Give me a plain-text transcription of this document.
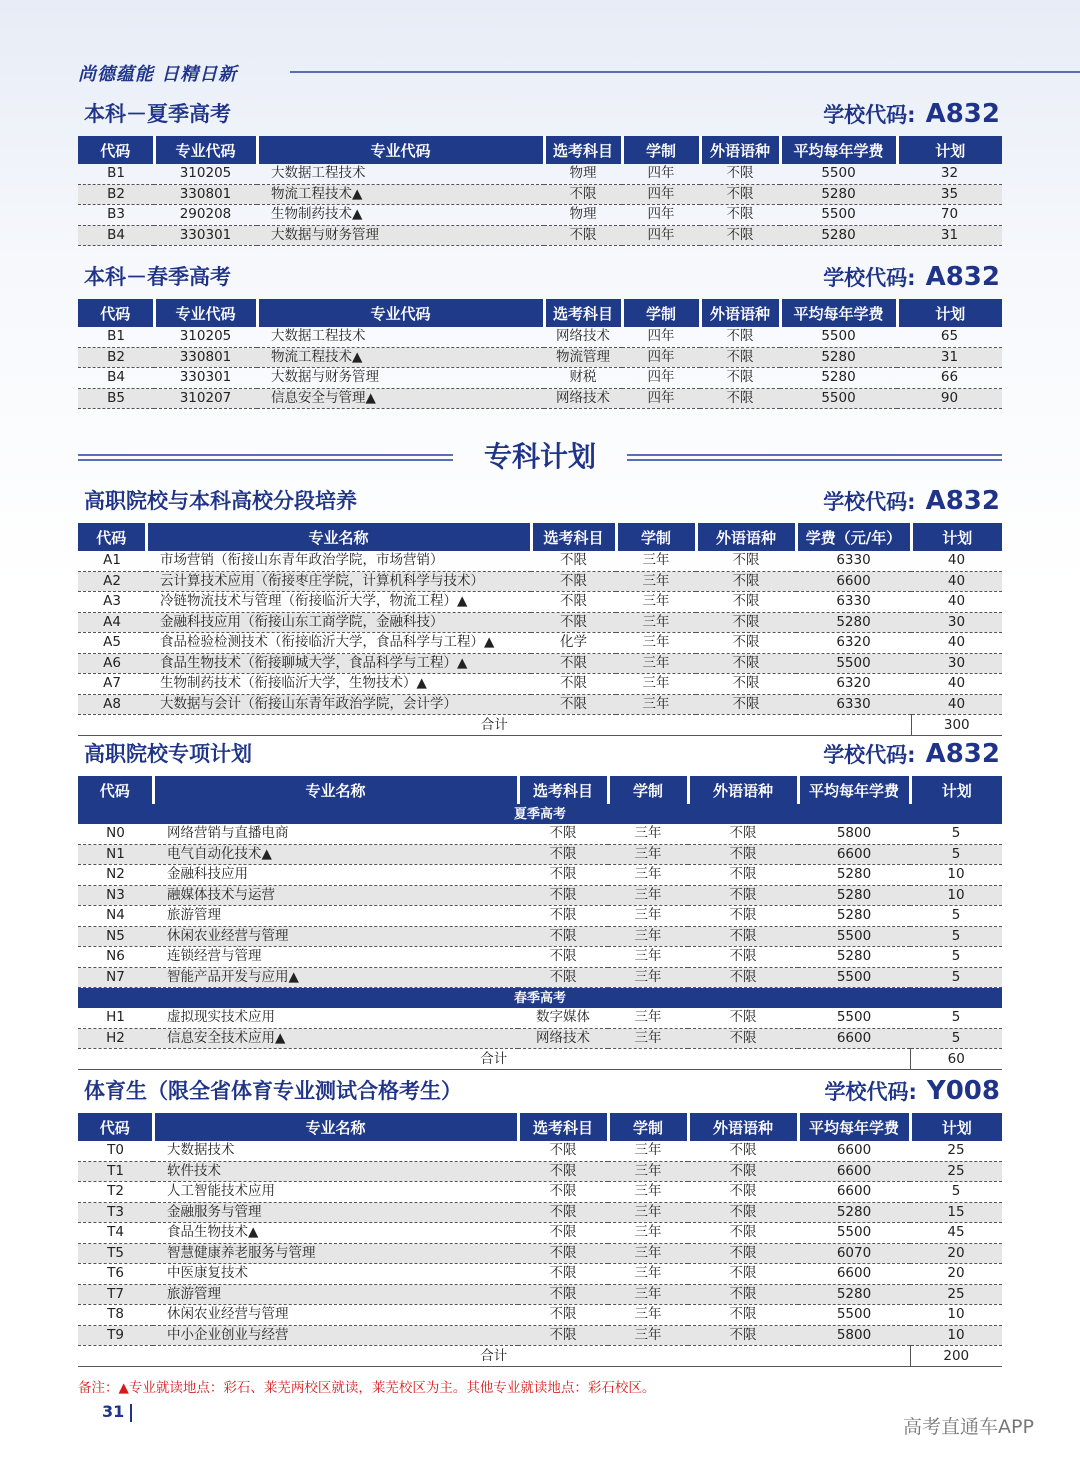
尚德蕴能 日精日新
本科－夏季高考	学校代码: A832
代码	专业代码	专业代码	选考科目	学制	外语语种	平均每年学费	计划
B1	310205	大数据工程技术	物理	四年	不限	5500	32
B2	330801	物流工程技术▲	不限	四年	不限	5280	35
B3	290208	生物制药技术▲	物理	四年	不限	5500	70
B4	330301	大数据与财务管理	不限	四年	不限	5280	31
本科－春季高考	学校代码: A832
代码	专业代码	专业代码	选考科目	学制	外语语种	平均每年学费	计划
B1	310205	大数据工程技术	网络技术	四年	不限	5500	65
B2	330801	物流工程技术▲	物流管理	四年	不限	5280	31
B4	330301	大数据与财务管理	财税	四年	不限	5280	66
B5	310207	信息安全与管理▲	网络技术	四年	不限	5500	90
专科计划
高职院校与本科高校分段培养	学校代码: A832
代码	专业名称	选考科目	学制	外语语种	学费（元/年）	计划
A1	市场营销（衔接山东青年政治学院，市场营销）	不限	三年	不限	6330	40
A2	云计算技术应用（衔接枣庄学院，计算机科学与技术）	不限	三年	不限	6600	40
A3	冷链物流技术与管理（衔接临沂大学，物流工程）▲	不限	三年	不限	6330	40
A4	金融科技应用（衔接山东工商学院，金融科技）	不限	三年	不限	5280	30
A5	食品检验检测技术（衔接临沂大学，食品科学与工程）▲	化学	三年	不限	6320	40
A6	食品生物技术（衔接聊城大学，食品科学与工程）▲	不限	三年	不限	5500	30
A7	生物制药技术（衔接临沂大学，生物技术）▲	不限	三年	不限	6320	40
A8	大数据与会计（衔接山东青年政治学院，会计学）	不限	三年	不限	6330	40
合计						300
高职院校专项计划	学校代码: A832
代码	专业名称	选考科目	学制	外语语种	平均每年学费	计划
夏季高考						
N0	网络营销与直播电商	不限	三年	不限	5800	5
N1	电气自动化技术▲	不限	三年	不限	6600	5
N2	金融科技应用	不限	三年	不限	5280	10
N3	融媒体技术与运营	不限	三年	不限	5280	10
N4	旅游管理	不限	三年	不限	5280	5
N5	休闲农业经营与管理	不限	三年	不限	5500	5
N6	连锁经营与管理	不限	三年	不限	5280	5
N7	智能产品开发与应用▲	不限	三年	不限	5500	5
春季高考						
H1	虚拟现实技术应用	数字媒体	三年	不限	5500	5
H2	信息安全技术应用▲	网络技术	三年	不限	6600	5
合计						60
体育生（限全省体育专业测试合格考生）	学校代码: Y008
代码	专业名称	选考科目	学制	外语语种	平均每年学费	计划
T0	大数据技术	不限	三年	不限	6600	25
T1	软件技术	不限	三年	不限	6600	25
T2	人工智能技术应用	不限	三年	不限	6600	5
T3	金融服务与管理	不限	三年	不限	5280	15
T4	食品生物技术▲	不限	三年	不限	5500	45
T5	智慧健康养老服务与管理	不限	三年	不限	6070	20
T6	中医康复技术	不限	三年	不限	6600	20
T7	旅游管理	不限	三年	不限	5280	25
T8	休闲农业经营与管理	不限	三年	不限	5500	10
T9	中小企业创业与经营	不限	三年	不限	5800	10
合计						200
备注：▲专业就读地点：彩石、莱芜两校区就读，莱芜校区为主。其他专业就读地点：彩石校区。
31
高考直通车APP
